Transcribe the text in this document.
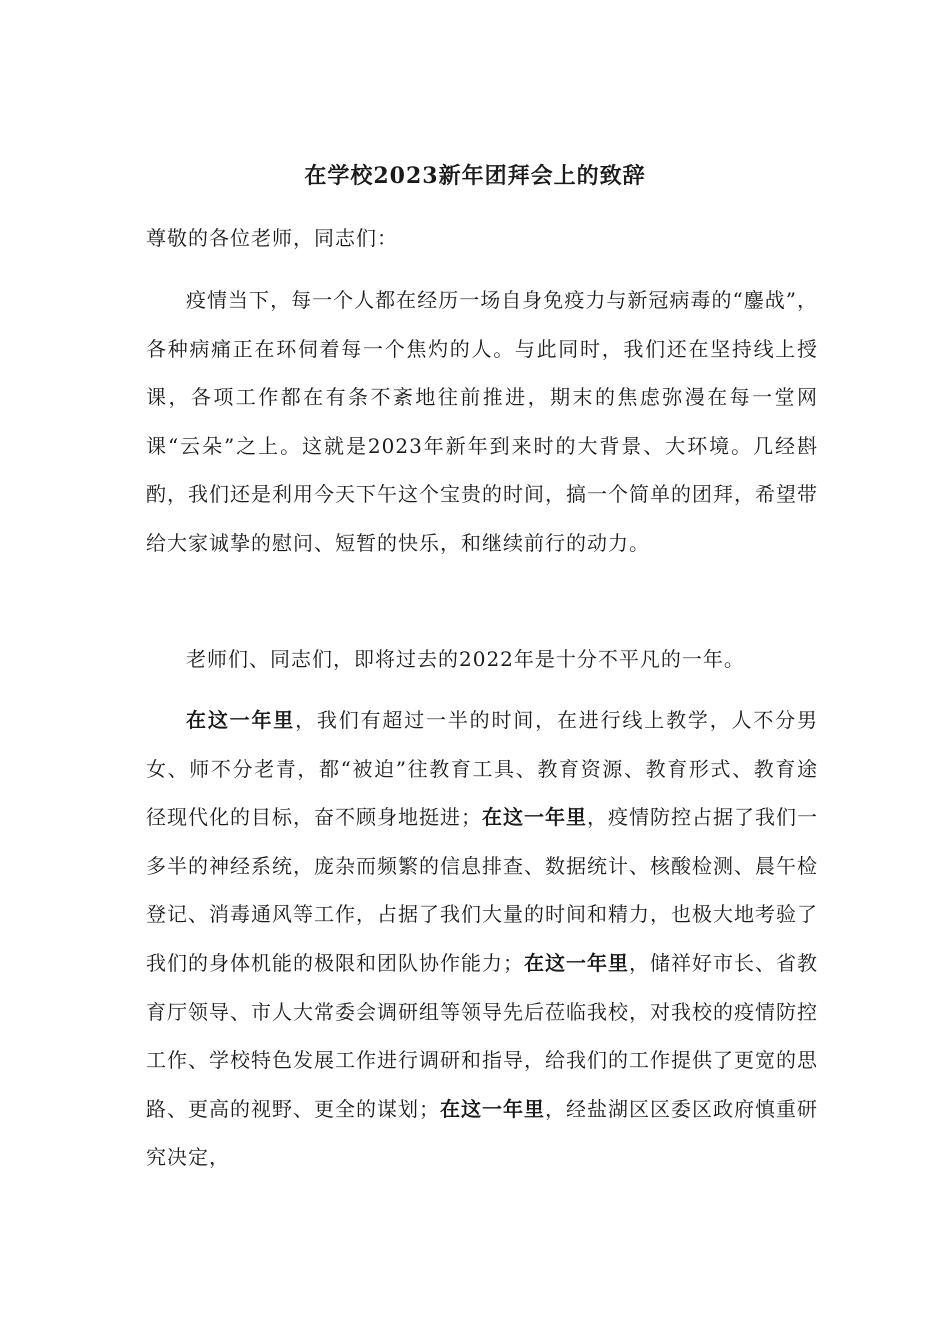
在学校2023新年团拜会上的致辞
尊敬的各位老师，同志们：

疫情当下，每一个人都在经历一场自身免疫力与新冠病毒的“鏖战”，各种病痛正在环伺着每一个焦灼的人。与此同时，我们还在坚持线上授课，各项工作都在有条不紊地往前推进，期末的焦虑弥漫在每一堂网课“云朵”之上。这就是2023年新年到来时的大背景、大环境。几经斟酌，我们还是利用今天下午这个宝贵的时间，搞一个简单的团拜，希望带给大家诚挚的慰问、短暂的快乐，和继续前行的动力。

老师们、同志们，即将过去的2022年是十分不平凡的一年。

在这一年里，我们有超过一半的时间，在进行线上教学，人不分男女、师不分老青，都“被迫”往教育工具、教育资源、教育形式、教育途径现代化的目标，奋不顾身地挺进；在这一年里，疫情防控占据了我们一多半的神经系统，庞杂而频繁的信息排查、数据统计、核酸检测、晨午检登记、消毒通风等工作，占据了我们大量的时间和精力，也极大地考验了我们的身体机能的极限和团队协作能力；在这一年里，储祥好市长、省教育厅领导、市人大常委会调研组等领导先后莅临我校，对我校的疫情防控工作、学校特色发展工作进行调研和指导，给我们的工作提供了更宽的思路、更高的视野、更全的谋划；在这一年里，经盐湖区区委区政府慎重研究决定，
